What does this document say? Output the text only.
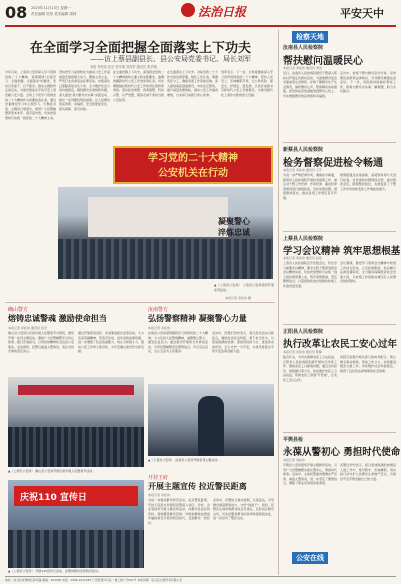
08 2023年11月13日 星期一
责任编辑 吴彤 美术编辑 周林	法治日报	平安天中
在全面学习全面把握全面落实上下功夫
——访上蔡县副县长、县公安局党委书记、局长刘军
本报 李松伟 赵宗 张华瑞 刘亮军 通讯员 张华翔
今年以来，上蔡县公安局深入学习贯彻党的二十大精神，紧紧围绕"全面学习、全面把握、全面落实"的要求，坚持以学促干、以干践学，推动主题教育走深走实，为建设更高水平的平安上蔡贡献公安力量。全局上下把学习贯彻党的二十大精神作为首要政治任务，通过党委理论学习中心组学习、专题读书班、主题党日等形式，组织广大民警辅警原原本本学、逐字逐句悟，切实把思想和行动统一到党的二十大精神上来。
坚持把学习成果转化为推动公安工作高质量发展的强大动力，聚焦主责主业，严厉打击各类违法犯罪活动，持续深化扫黑除恶常态化斗争，全力维护社会大局持续稳定。围绕群众急难愁盼问题，深入推进"我为群众办实事"实践活动，推出一系列便民利民措施，让人民群众的获得感、幸福感、安全感更加充实、更有保障、更可持续。
在全面把握上下功夫。深刻领会党的二十大精神的核心要义和实践要求，准确把握新时代公安工作的使命任务，切实增强做好新时代公安工作的责任感和使命感。坚持政治建警、改革强警、科技兴警、从严治警，锻造忠诚干净担当的公安铁军。
在全面落实上下功夫。对标党的二十大作出的决策部署，细化工作任务，明确责任分工，确保各项工作落地见效。深入推进基层基础建设，夯实社区警务，提升基层治理效能，推动公安工作提质增效，以实际行动践行初心使命。
刘军表示，下一步，全局将继续深入学习宣传贯彻党的二十大精神，坚持人民至上，忠诚履职尽责，全力防风险、保安全、护稳定、促发展，以优异成绩书写新时代公安工作新篇章，为建设现代化上蔡作出新的更大贡献。
学习党的二十大精神
公安机关在行动
凝聚警心
淬炼忠诚
▲《上蔡县公安局》 上蔡县公安局组织开展系列活动。
本报记者 李松伟 摄
确山警方
熔铸忠诚警魂 激励使命担当
本报记者 李松伟 通讯员 张宏
确山县公安局以庆祝中国人民警察节为契机，组织开展一系列主题活动，激励广大民警辅警牢记初心使命，践行忠诚担当，以昂扬的精神状态投身公安事业。活动现场，民警们重温入警誓词，表达对党忠诚的坚定决心。
通过开展荣誉表彰、先进事迹报告会等活动，大力弘扬英模精神，营造学先进、赶先进的浓厚氛围，进一步增强了队伍的凝聚力、向心力和战斗力，推动公安工作再上新台阶，为平安确山建设作出新贡献。
▲《上蔡县公安局》 确山县公安局开展庆祝中国人民警察节活动。
汝南警方
弘扬警察精神 凝聚警心力量
本报记者 李松伟
汝南县公安局紧紧围绕学习贯彻党的二十大精神，大力弘扬人民警察精神，凝聚警心警力，激发队伍活力。通过组织开展形式多样的活动，引导民警辅警坚定理想信念，牢记宗旨意识，全心全意为人民服务。
活动中，民警们纷纷表示，将以此次活动为新起点，继续发扬优良传统，勇于担当作为，以更加饱满的热情、更加昂扬的斗志、更加务实的作风，全力守护一方平安，为建设更高水平的平安汝南贡献力量。
▲《上蔡县公安局》 汝南县公安局开展系列主题活动。
庆祝110 宣传日
▲《上蔡县公安局》 开展110宣传日活动，民警向群众宣传防范知识。
开封王府
开展主题宣传 拉近警民距离
本报记者 李松伟
为进一步提高群众防范意识，拉近警民距离，开封王府派出所组织民警深入社区、学校、企业等场所开展主题宣传活动，向群众发放宣传资料，现场解答群众咨询，详细讲解电信网络诈骗的常见手段和防范技巧，受到群众一致好评。
活动中，民警结合真实案例，以案说法，引导群众提高辨别能力，守好"钱袋子"。同时，民警还认真听取群众的意见建议，及时回应群众关切，切实把服务群众的各项举措落到实处，进一步密切了警民关系。
检察天地
汝南县人民检察院
帮扶慰问温暖民心
本报记者 李松伟 通讯员 刘伟
近日，汝南县人民检察院组织干警深入帮扶村开展走访慰问活动，为困难群众送去米面油等生活物资，详细了解群众生产生活情况，倾听群众心声，帮助解决实际困难，把党和政府的温暖送到群众心坎上，切实增强群众的获得感和幸福感。
走访中，检察干警与群众亲切交谈，宣传惠民政策和法律知识，引导群众增强法治意识。下一步，该院将持续做好帮扶工作，积极为群众办实事、解难题，助力乡村振兴。
新蔡县人民检察院
检务督察促进检令畅通
本报记者 李松伟 通讯员 王芳
为进一步严明纪律作风，确保检令畅通，新蔡县人民检察院开展检务督察工作，重点对干警工作纪律、作风纪律、廉洁纪律等情况进行督察检查，及时发现问题，督促整改落实，推动各项工作规范有序开展。
督察组通过实地查看、查阅资料等方式进行检查，对发现的问题现场反馈，提出整改意见，限期整改到位，有效促进了干警工作作风的转变和工作效能的提升。
上蔡县人民检察院
学习会议精神 筑牢思想根基
本报记者 李松伟 通讯员 赵亮
上蔡县人民检察院召开党组会议，传达学习重要会议精神，要求全院干警深刻领会会议精神实质，切实把思想和行动统一到上级决策部署上来，筑牢思想根基，坚定理想信念，以高度的政治自觉推动检察工作高质量发展。
会议强调，要把学习贯彻会议精神与检察工作结合起来，立足检察职能，依法履行法律监督职责，全力服务保障经济社会发展大局，以检察工作的新成效回应人民群众的新期待。
正阳县人民检察院
执行改革让农民工安心过年
本报记者 李松伟 通讯员 陈静
临近年关，为切实保障农民工合法权益，正阳县人民检察院积极开展执行改革工作，聚焦农民工讨薪难问题，通过支持起诉、督促履行等方式，依法维护农民工合法权益，帮助农民工拿到"辛苦钱"，让农民工安心过年。
该院还加强与相关部门的协作配合，建立健全联动机制，形成工作合力，持续推进根治欠薪工作，切实维护社会和谐稳定，取得了良好的法律效果和社会效果。
平舆县检
永葆从警初心 勇担时代使命
本报记者 李松伟
平舆县公安局组织开展主题教育活动，引导广大民警辅警永葆从警初心，勇担时代使命。活动中，全体民警面向警旗庄严宣誓，重温入警誓词，进一步坚定了理想信念，增强了职业荣誉感和使命感。
民警们纷纷表示，将以更加饱满的热情投入到工作中，恪尽职守、忠诚履职，用实际行动守护人民群众生命财产安全，为建设平安平舆贡献自己的力量。
公安在线
地址：驻马店市驿城区新华路 邮编：463000 电话：0396-2912345 广告经营许可证：豫工商广字001号 本报印刷：驻马店日报印务有限公司
